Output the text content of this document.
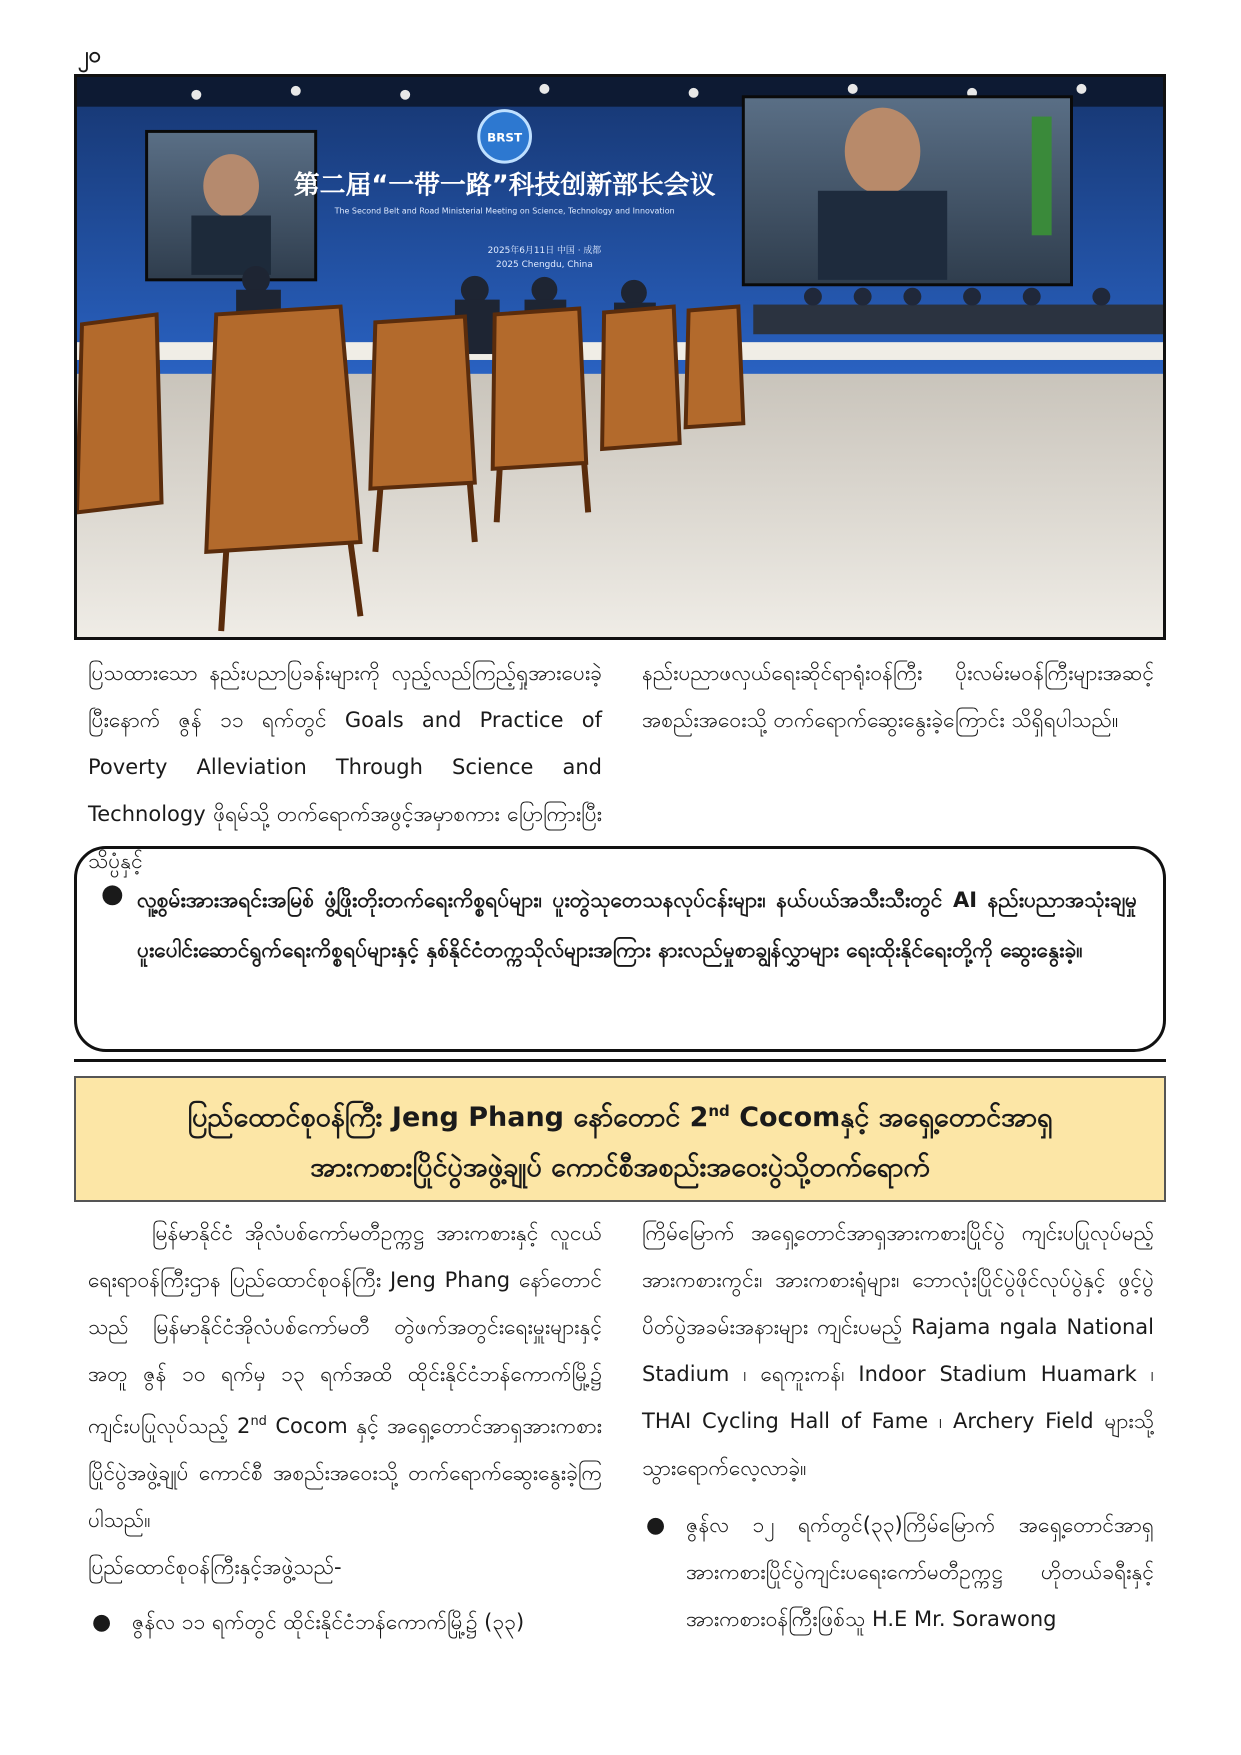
၂၀
BRST
第二届“一带一路”科技创新部长会议
The Second Belt and Road Ministerial Meeting on Science, Technology and Innovation
2025年6月11日 中国 · 成都
2025 Chengdu, China

ပြသထားသော နည်းပညာပြခန်းများကို လှည့်လည်ကြည့်ရှုအားပေးခဲ့ပြီးနောက် ဇွန် ၁၁ ရက်တွင် Goals and Practice of Poverty Alleviation Through Science and Technology ဖိုရမ်သို့ တက်ရောက်အဖွင့်အမှာစကား ပြောကြားပြီး သိပ္ပံနှင့်

နည်းပညာဖလှယ်ရေးဆိုင်ရာရုံးဝန်ကြီး ပိုးလမ်းမဝန်ကြီးများအဆင့် အစည်းအဝေးသို့ တက်ရောက်ဆွေးနွေးခဲ့ကြောင်း သိရှိရပါသည်။

● လူ့စွမ်းအားအရင်းအမြစ် ဖွံ့ဖြိုးတိုးတက်ရေးကိစ္စရပ်များ၊ ပူးတွဲသုတေသနလုပ်ငန်းများ၊ နယ်ပယ်အသီးသီးတွင် AI နည်းပညာအသုံးချမှု ပူးပေါင်းဆောင်ရွက်ရေးကိစ္စရပ်များနှင့် နှစ်နိုင်ငံတက္ကသိုလ်များအကြား နားလည်မှုစာချွန်လွှာများ ရေးထိုးနိုင်ရေးတို့ကို ဆွေးနွေးခဲ့။
ပြည်ထောင်စုဝန်ကြီး Jeng Phang နော်တောင် 2nd Cocomနှင့် အရှေ့တောင်အာရှ
အားကစားပြိုင်ပွဲအဖွဲ့ချုပ် ကောင်စီအစည်းအဝေးပွဲသို့တက်ရောက်

မြန်မာနိုင်ငံ အိုလံပစ်ကော်မတီဥက္ကဋ္ဌ အားကစားနှင့် လူငယ်ရေးရာဝန်ကြီးဌာန ပြည်ထောင်စုဝန်ကြီး Jeng Phang နော်တောင်သည် မြန်မာနိုင်ငံအိုလံပစ်ကော်မတီ တွဲဖက်အတွင်းရေးမှူးများနှင့်အတူ ဇွန် ၁၀ ရက်မှ ၁၃ ရက်အထိ ထိုင်းနိုင်ငံဘန်ကောက်မြို့၌ ကျင်းပပြုလုပ်သည့် 2nd Cocom နှင့် အရှေ့တောင်အာရှအားကစားပြိုင်ပွဲအဖွဲ့ချုပ် ကောင်စီ အစည်းအဝေးသို့ တက်ရောက်ဆွေးနွေးခဲ့ကြပါသည်။

ပြည်ထောင်စုဝန်ကြီးနှင့်အဖွဲ့သည်-

● ဇွန်လ ၁၁ ရက်တွင် ထိုင်းနိုင်ငံဘန်ကောက်မြို့၌ (၃၃)

ကြိမ်မြောက် အရှေ့တောင်အာရှအားကစားပြိုင်ပွဲ ကျင်းပပြုလုပ်မည့်အားကစားကွင်း၊ အားကစားရုံများ၊ ဘောလုံးပြိုင်ပွဲဖိုင်လုပ်ပွဲနှင့် ဖွင့်ပွဲပိတ်ပွဲအခမ်းအနားများ ကျင်းပမည့် Rajama ngala National Stadium ၊ ရေကူးကန်၊ Indoor Stadium Huamark ၊ THAI Cycling Hall of Fame ၊ Archery Field များသို့ သွားရောက်လေ့လာခဲ့။

● ဇွန်လ ၁၂ ရက်တွင်(၃၃)ကြိမ်မြောက် အရှေ့တောင်အာရှအားကစားပြိုင်ပွဲကျင်းပရေးကော်မတီဥက္ကဋ္ဌ ဟိုတယ်ခရီးနှင့်အားကစားဝန်ကြီးဖြစ်သူ H.E Mr. Sorawong
